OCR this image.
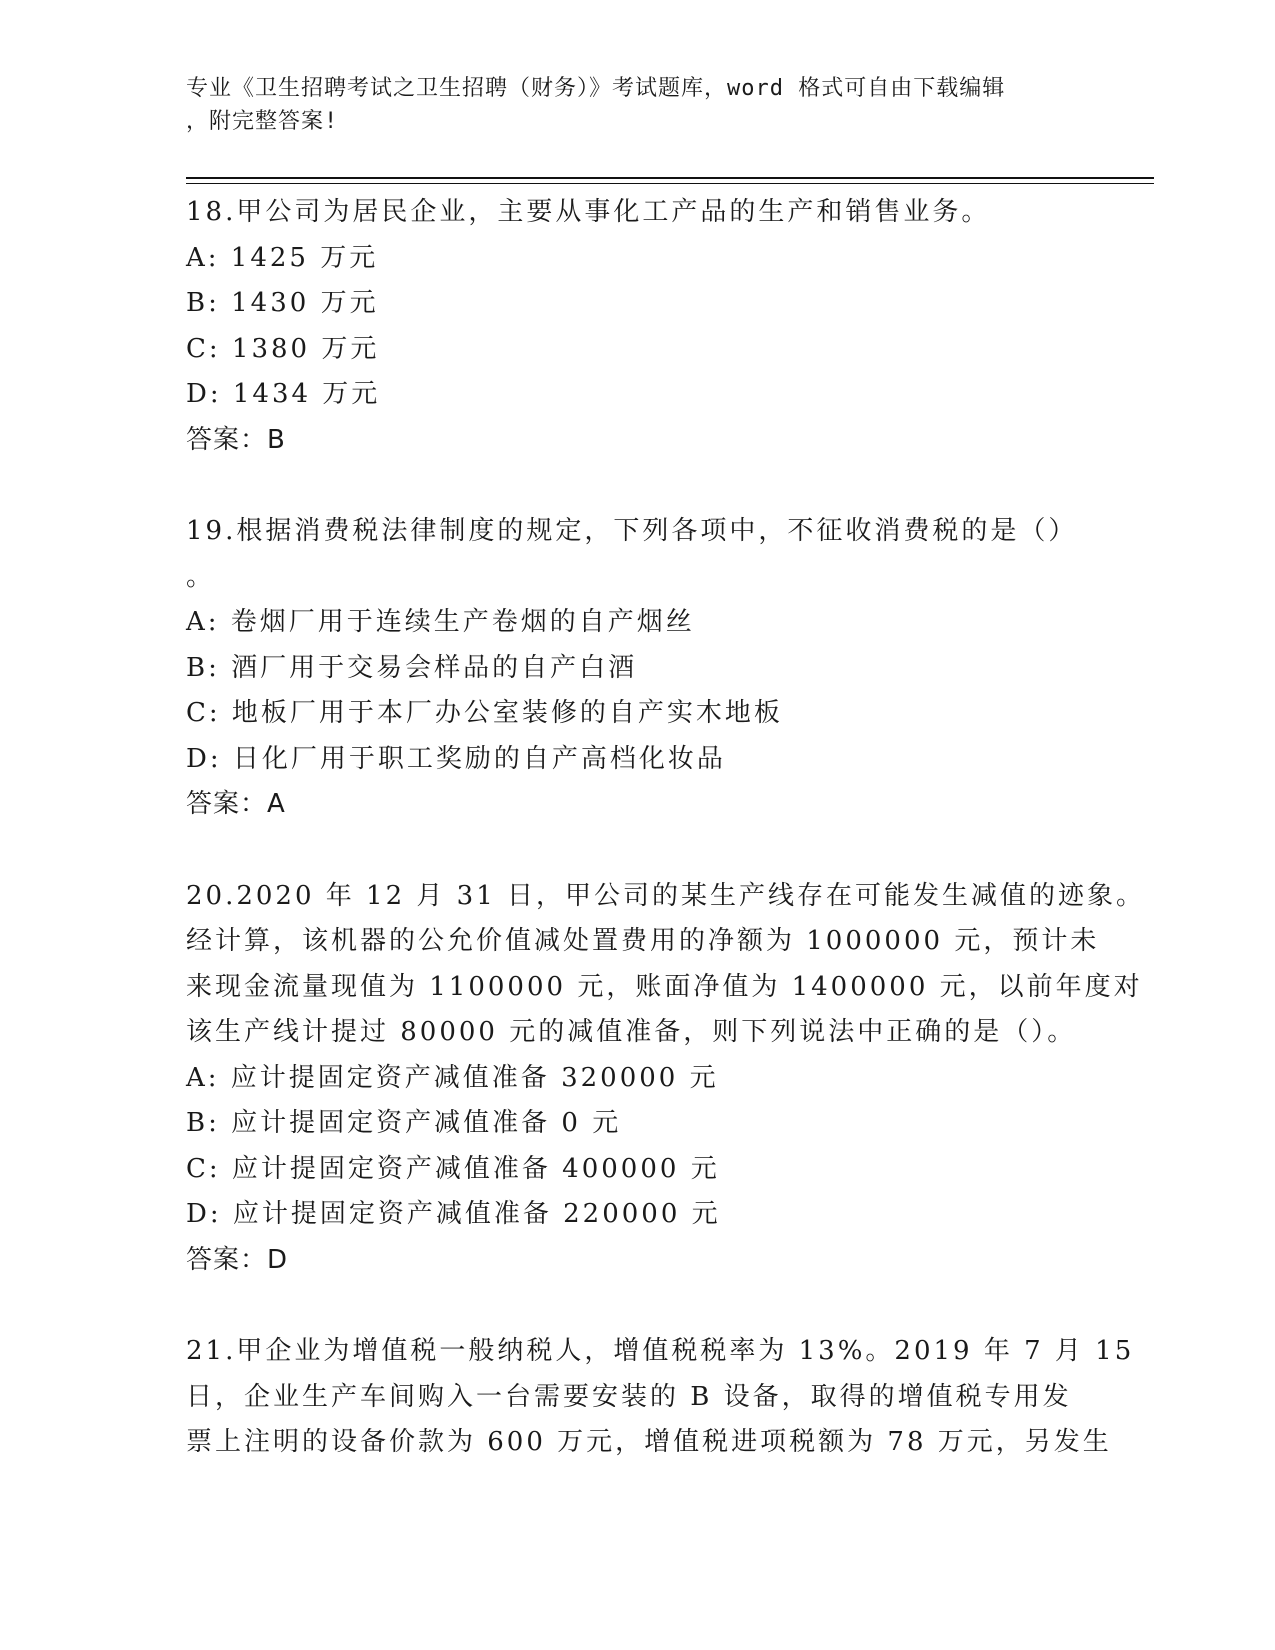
专业《卫生招聘考试之卫生招聘（财务）》考试题库，word 格式可自由下载编辑
，附完整答案!
18.甲公司为居民企业，主要从事化工产品的生产和销售业务。
A: 1425 万元
B: 1430 万元
C: 1380 万元
D: 1434 万元
答案：B
19.根据消费税法律制度的规定，下列各项中，不征收消费税的是（）
。
A: 卷烟厂用于连续生产卷烟的自产烟丝
B: 酒厂用于交易会样品的自产白酒
C: 地板厂用于本厂办公室装修的自产实木地板
D: 日化厂用于职工奖励的自产高档化妆品
答案：A
20.2020 年 12 月 31 日，甲公司的某生产线存在可能发生减值的迹象。
经计算，该机器的公允价值减处置费用的净额为 1000000 元，预计未
来现金流量现值为 1100000 元，账面净值为 1400000 元，以前年度对
该生产线计提过 80000 元的减值准备，则下列说法中正确的是（）。
A: 应计提固定资产减值准备 320000 元
B: 应计提固定资产减值准备 0 元
C: 应计提固定资产减值准备 400000 元
D: 应计提固定资产减值准备 220000 元
答案：D
21.甲企业为增值税一般纳税人，增值税税率为 13%。2019 年 7 月 15
日，企业生产车间购入一台需要安装的 B 设备，取得的增值税专用发
票上注明的设备价款为 600 万元，增值税进项税额为 78 万元，另发生
